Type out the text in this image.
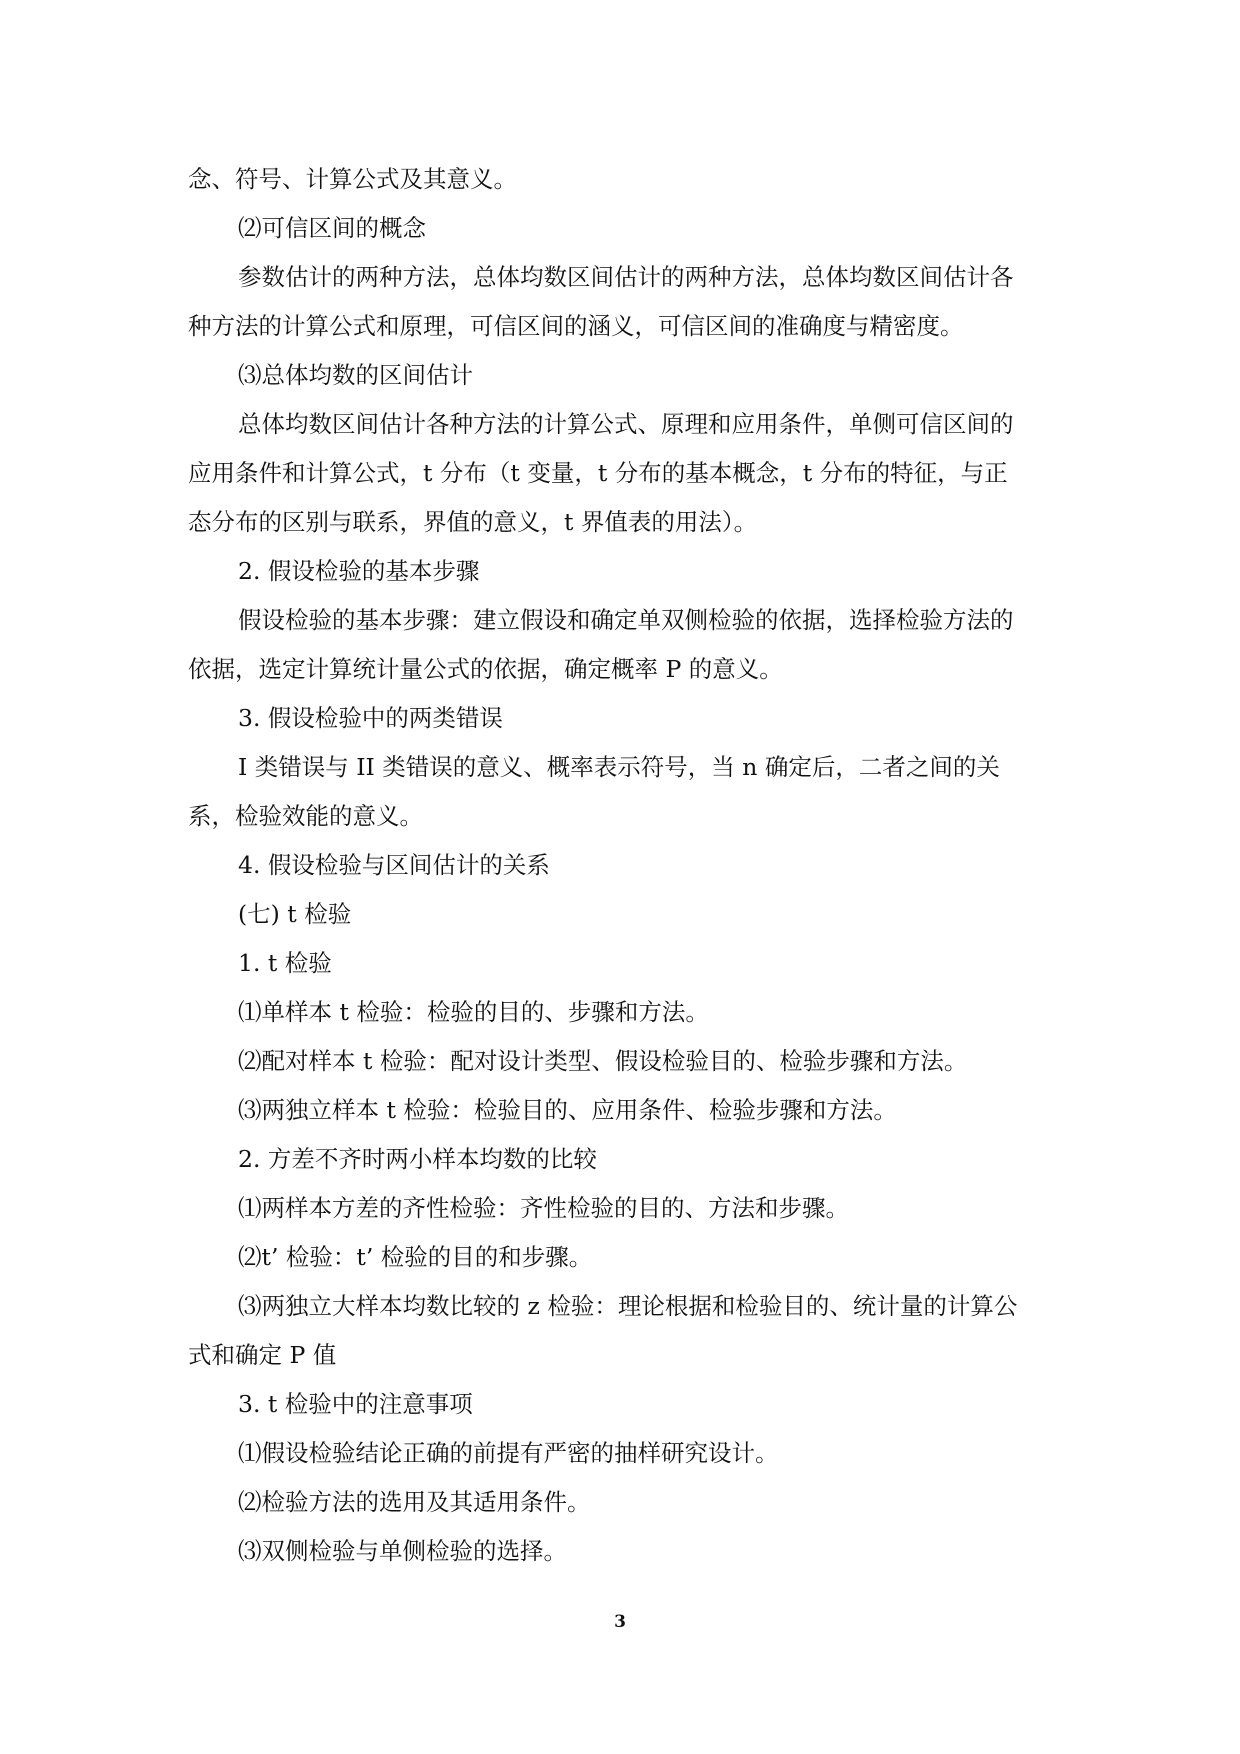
念、符号、计算公式及其意义。
⑵可信区间的概念
参数估计的两种方法，总体均数区间估计的两种方法，总体均数区间估计各
种方法的计算公式和原理，可信区间的涵义，可信区间的准确度与精密度。
⑶总体均数的区间估计
总体均数区间估计各种方法的计算公式、原理和应用条件，单侧可信区间的
应用条件和计算公式，t 分布（t 变量，t 分布的基本概念，t 分布的特征，与正
态分布的区别与联系，界值的意义，t 界值表的用法）。
2. 假设检验的基本步骤
假设检验的基本步骤：建立假设和确定单双侧检验的依据，选择检验方法的
依据，选定计算统计量公式的依据，确定概率 P 的意义。
3. 假设检验中的两类错误
I 类错误与 II 类错误的意义、概率表示符号，当 n 确定后，二者之间的关
系，检验效能的意义。
4. 假设检验与区间估计的关系
(七) t 检验
1. t 检验
⑴单样本 t 检验：检验的目的、步骤和方法。
⑵配对样本 t 检验：配对设计类型、假设检验目的、检验步骤和方法。
⑶两独立样本 t 检验：检验目的、应用条件、检验步骤和方法。
2. 方差不齐时两小样本均数的比较
⑴两样本方差的齐性检验：齐性检验的目的、方法和步骤。
⑵t’ 检验：t’ 检验的目的和步骤。
⑶两独立大样本均数比较的 z 检验：理论根据和检验目的、统计量的计算公
式和确定 P 值
3. t 检验中的注意事项
⑴假设检验结论正确的前提有严密的抽样研究设计。
⑵检验方法的选用及其适用条件。
⑶双侧检验与单侧检验的选择。
3
